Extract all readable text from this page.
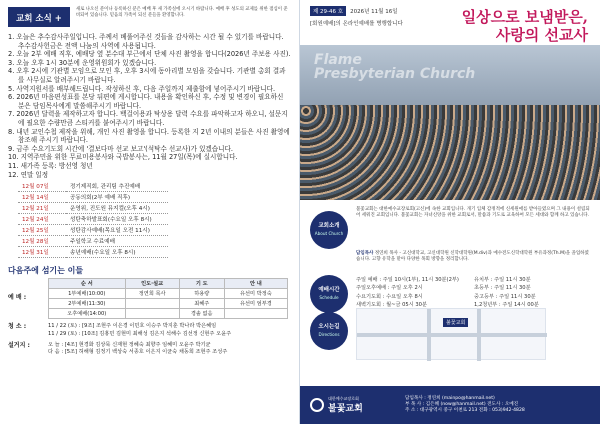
교회 소식 +
새로 나오신 분이나 등록하신 분은 예배 후 새 가족실에 오시기 바랍니다. 예배 후 성도의 교제를 위한 점심이 준비되어 있습니다. 믿음의 가족이 되신 분들을 환영합니다.
1. 오늘은 추수감사주일입니다. 주께서 베풀어주신 것들을 감사하는 시간 될 수 있기를 바랍니다. 추수감사헌금은 전액 나눔의 사역에 사용됩니다.
2. 오늘 2부 예배 직후, 예배당 옆 분수대 부근에서 단체 사진 촬영을 합니다(2026년 주보용 사진).
3. 오늘 오후 1시 30분에 운영위원회가 있겠습니다.
4. 오후 2시에 기관별 모임으로 모인 후, 오후 3시에 동아리별 모임을 갖습니다. 기관별 총회 결과를 사무실로 알려주시기 바랍니다.
5. 사역지원서를 배부해드립니다. 작성하신 후, 다음 주일까지 제출함에 넣어주시기 바랍니다.
6. 2026년 마음편성표를 본당 뒤편에 게시합니다. 내용을 확인하신 후, 수정 및 변경이 필요하신 분은 담임목사에게 말씀해주시기 바랍니다.
7. 2026년 달력을 제작하고자 합니다. 백걸이용과 탁상용 달력 수요를 파악하고자 하오니, 설문지에 필요한 수량만큼 스티커를 붙여주시기 바랍니다.
8. 내년 교인수첩 제작을 위해, 개인 사진 촬영을 합니다. 등록한 지 2년 이내의 분들은 사진 촬영에 참조해 주시기 바랍니다.
9. 금주 수요기도회 시간에 '결보다마 선교 보고'(석탁수 선교사)가 있겠습니다.
10. 지역주민을 위한 무료미용봉사와 국밥봉사는, 11월 27일(목)에 실시합니다.
11. 새가족 등록: 방선영 청년
12. 연말 일정
12월 07일	정기제직회, 관리팀 추진예배
12월 14일	공동의회(2부 예배 직후)
12월 21일	운영위, 진도원 뮤지컬(오후 4시)
12월 24일	성탄축하발표회(수요일 오후 8시)
12월 25일	성탄감사예배(목요일 오전 11시)
12월 28일	주일학교 수료예배
12월 31일	송년예배(수요일 오후 8시)
다음주에 섬기는 이들
예 배 :
순 서	인도·설교	기 도	안 내
1부예배(10:00)	정연희 목사	하용량	유선미 박정숙
2부예배(11:30)		최혜주	유선미 엄부경
오후예배(14:00)		경솔 없음	
청 소 :	11 / 22 (토) : [9조] 조현주 이은경 이민호 이승주 박지훈 박나라 박은혜임
11 / 29 (토) : [10조] 김홍민 김현미 최해성 김은지 석해수 김선정 신현주 오윤주
설거지 :	오 늘 : [4조] 현경화 김상묵 신재현 정혜숙 최향주 임혜미 오윤주 박기균
다 음 : [5조] 허해형 김정기 백상숙 서종호 이은지 이균숙 채동희 조현주 조성주
제 29-46 호	2026년 11월 16일
[회원예배]의 온라인예배를 병행합니다	일상으로 보냄받은,
사랑의 선교사
Flame
Presbyterian Church
교회소개
About Church
불꽃교회는 대한예수교장로회(고신)에 속한 교회입니다. 개기 입체 감정적에 신세원애를 받아들였으며 그 내용이 설립되어 세워진 교회입니다. 불꽃교회는 자녀신앙을 위한 교회로서, 말씀과 기도로 교육하여 모든 세대와 함께 하고 있습니다.
담임목사 정연희 목사 - 고신대학교, 고신대학원 신학대학원(M.div)과 예수전도신학대학원 부유과정(Th.M)을 졸업하였습니다. 고향 유학을 맡아 다양한 목회 방향을 정리합니다.
예배시간
Schedule
주일 예배 : 주일 10시(1부), 11시 30분(2부)	유치부 : 주일 11시 30분
주일오후예배 : 주일 오후 2시	초등부 : 주일 11시 30분
수요기도회 : 수요일 오후 8시	중고등부 : 주일 11시 30분
새벽기도회 : 월~금 05시 30분	1,2청년부 : 주일 14시 00분
오시는길
Directions
불꽃교회
대한예수교장로회
불꽃교회
담임목사 : 정연희 (mainpo@hanmail.net)
부 목 사 : 김은혜 (now@hanmail.net) 전도사 : 오예진
주 소 : 대구광역시 중구 이천로 213 전화 : 053)942-4828
